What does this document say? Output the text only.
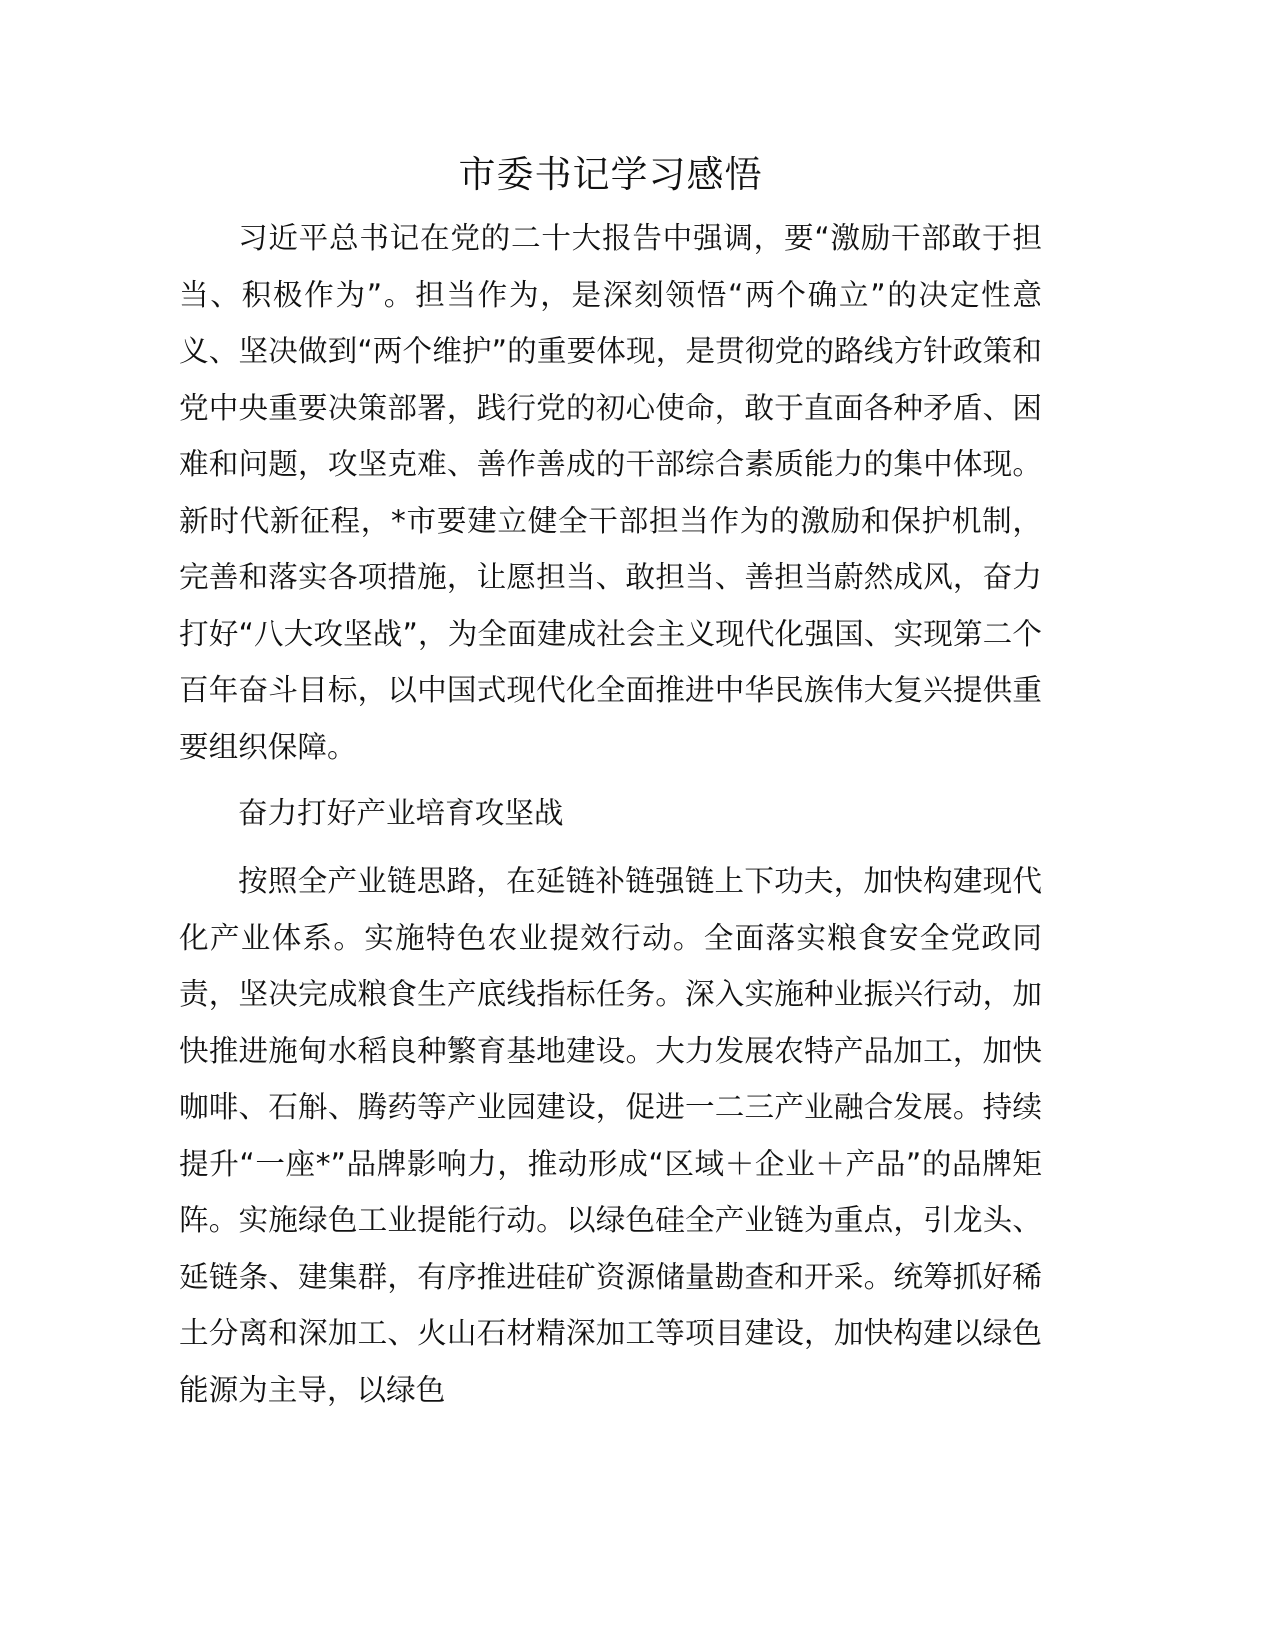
市委书记学习感悟

习近平总书记在党的二十大报告中强调，要“激励干部敢于担当、积极作为”。担当作为，是深刻领悟“两个确立”的决定性意义、坚决做到“两个维护”的重要体现，是贯彻党的路线方针政策和党中央重要决策部署，践行党的初心使命，敢于直面各种矛盾、困难和问题，攻坚克难、善作善成的干部综合素质能力的集中体现。新时代新征程，*市要建立健全干部担当作为的激励和保护机制，完善和落实各项措施，让愿担当、敢担当、善担当蔚然成风，奋力打好“八大攻坚战”，为全面建成社会主义现代化强国、实现第二个百年奋斗目标，以中国式现代化全面推进中华民族伟大复兴提供重要组织保障。

奋力打好产业培育攻坚战

按照全产业链思路，在延链补链强链上下功夫，加快构建现代化产业体系。实施特色农业提效行动。全面落实粮食安全党政同责，坚决完成粮食生产底线指标任务。深入实施种业振兴行动，加快推进施甸水稻良种繁育基地建设。大力发展农特产品加工，加快咖啡、石斛、腾药等产业园建设，促进一二三产业融合发展。持续提升“一座*”品牌影响力，推动形成“区域＋企业＋产品”的品牌矩阵。实施绿色工业提能行动。以绿色硅全产业链为重点，引龙头、延链条、建集群，有序推进硅矿资源储量勘查和开采。统筹抓好稀土分离和深加工、火山石材精深加工等项目建设，加快构建以绿色能源为主导，以绿色
